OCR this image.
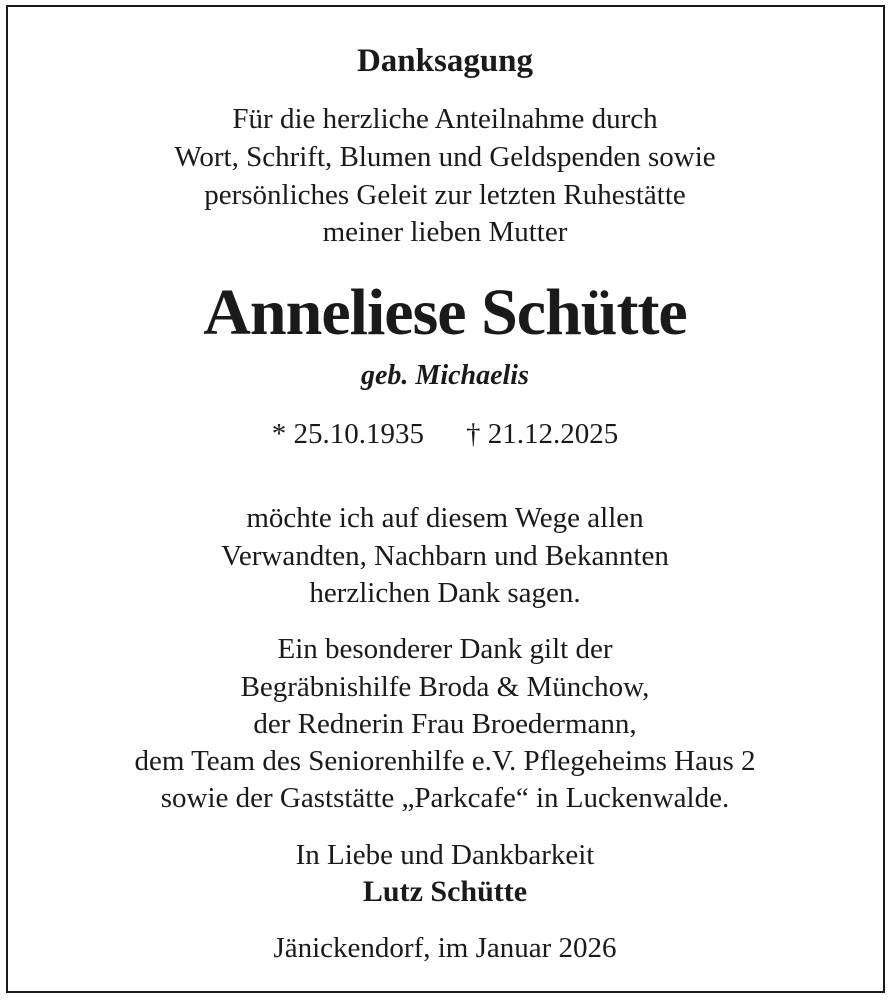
Danksagung
Für die herzliche Anteilnahme durch
Wort, Schrift, Blumen und Geldspenden sowie
persönliches Geleit zur letzten Ruhestätte
meiner lieben Mutter
Anneliese Schütte
geb. Michaelis
* 25.10.1935 † 21.12.2025
möchte ich auf diesem Wege allen
Verwandten, Nachbarn und Bekannten
herzlichen Dank sagen.
Ein besonderer Dank gilt der
Begräbnishilfe Broda & Münchow,
der Rednerin Frau Broedermann,
dem Team des Seniorenhilfe e.V. Pflegeheims Haus 2
sowie der Gaststätte „Parkcafe“ in Luckenwalde.
In Liebe und Dankbarkeit
Lutz Schütte
Jänickendorf, im Januar 2026
